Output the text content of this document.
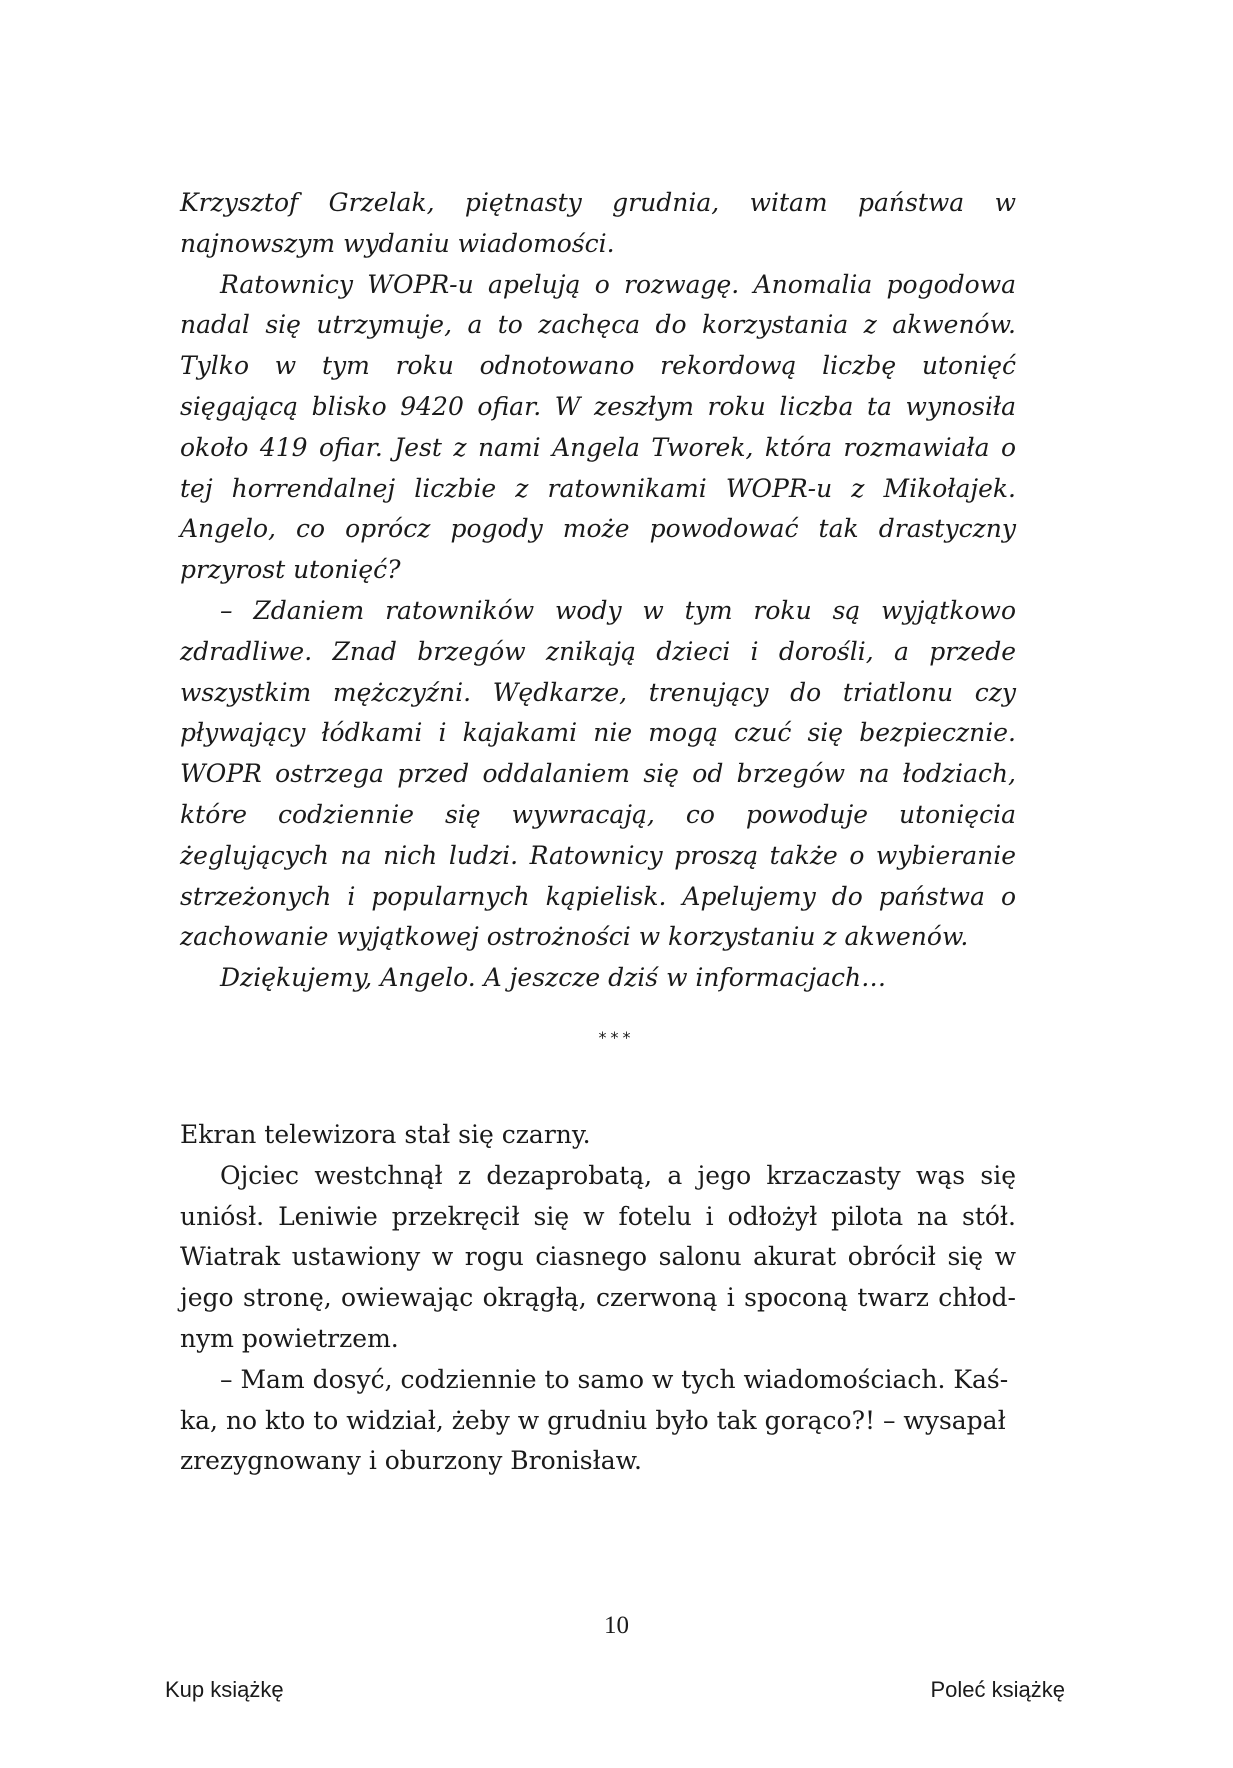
Krzysztof Grzelak, piętnasty grudnia, witam państwa w najnowszym wydaniu wiadomości.

Ratownicy WOPR-u apelują o rozwagę. Anomalia pogodowa nadal się utrzymuje, a to zachęca do korzystania z akwenów. Tylko w tym roku odnotowano rekordową liczbę utonięć sięgającą blisko 9420 ofiar. W zeszłym roku liczba ta wynosiła około 419 ofiar. Jest z nami Angela Tworek, która rozmawiała o tej horrendalnej liczbie z ratownikami WOPR-u z Mikołajek. Angelo, co oprócz pogody może powodować tak drastyczny przyrost utonięć?

– Zdaniem ratowników wody w tym roku są wyjątkowo zdradliwe. Znad brzegów znikają dzieci i dorośli, a przede wszystkim mężczyźni. Wędkarze, trenujący do triatlonu czy pływający łódkami i kajakami nie mogą czuć się bezpiecznie. WOPR ostrzega przed oddalaniem się od brzegów na łodziach, które codziennie się wywracają, co powoduje utonięcia żeglujących na nich ludzi. Ratownicy proszą także o wybieranie strzeżonych i popularnych kąpielisk. Apelujemy do państwa o zachowanie wyjątkowej ostrożności w korzystaniu z akwenów.

Dziękujemy, Angelo. A jeszcze dziś w informacjach…

***

Ekran telewizora stał się czarny.

Ojciec westchnął z dezaprobatą, a jego krzaczasty wąs się uniósł. Leniwie przekręcił się w fotelu i odłożył pilota na stół. Wiatrak ustawiony w rogu ciasnego salonu akurat obrócił się w jego stronę, owiewając okrągłą, czerwoną i spoconą twarz chłodnym powietrzem.

– Mam dosyć, codziennie to samo w tych wiadomościach. Kaśka, no kto to widział, żeby w grudniu było tak gorąco?! – wysapał zrezygnowany i oburzony Bronisław.

10
Kup książkę	Poleć książkę
